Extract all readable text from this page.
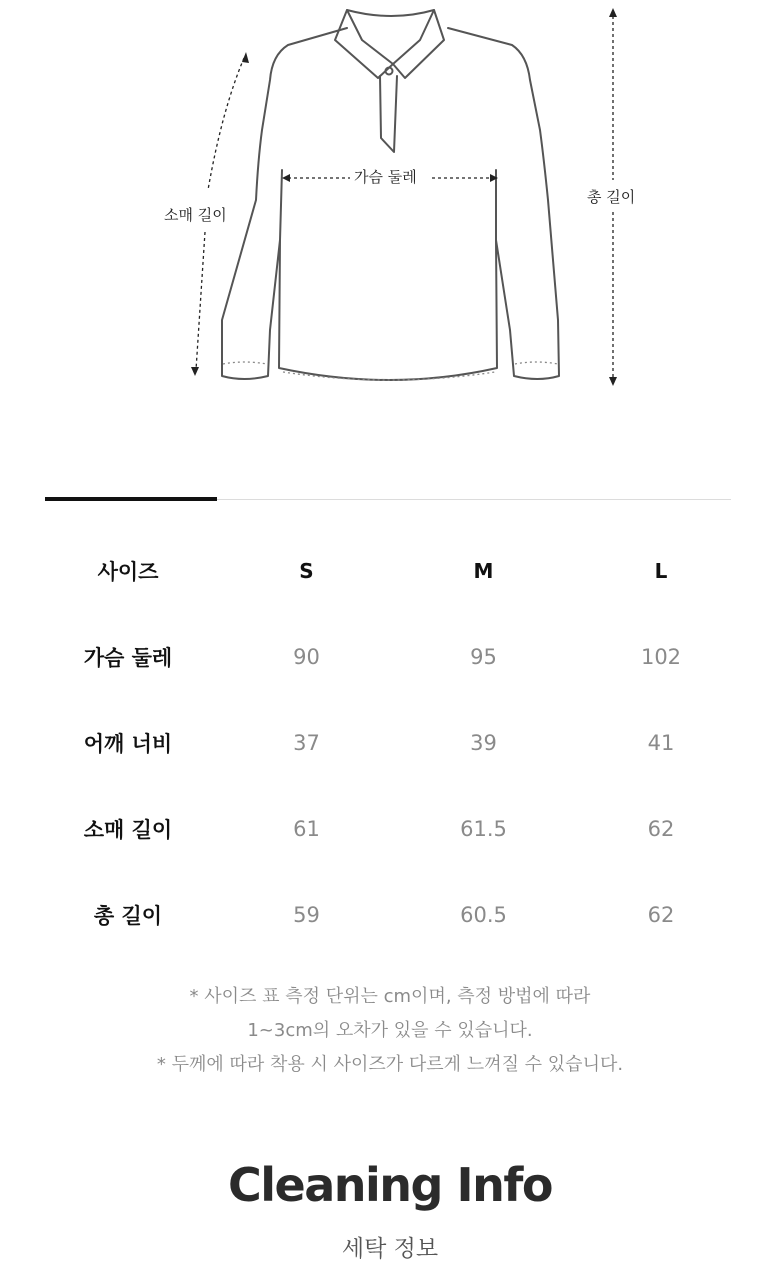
가슴 둘레
소매 길이
총 길이
사이즈	S	M	L
가슴 둘레	90	95	102
어깨 너비	37	39	41
소매 길이	61	61.5	62
총 길이	59	60.5	62
* 사이즈 표 측정 단위는 cm이며, 측정 방법에 따라
1~3cm의 오차가 있을 수 있습니다.
* 두께에 따라 착용 시 사이즈가 다르게 느껴질 수 있습니다.
Cleaning Info
세탁 정보
